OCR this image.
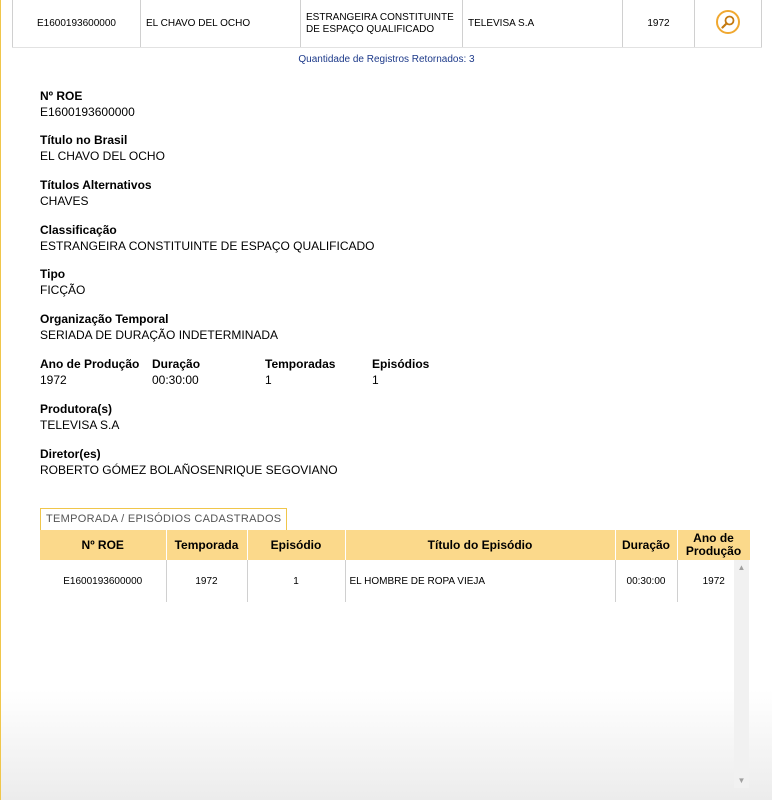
E1600193600000	EL CHAVO DEL OCHO	ESTRANGEIRA CONSTITUINTE
DE ESPAÇO QUALIFICADO	TELEVISA S.A	1972	
Quantidade de Registros Retornados: 3
Nº ROE
E1600193600000
Título no Brasil
EL CHAVO DEL OCHO
Títulos Alternativos
CHAVES
Classificação
ESTRANGEIRA CONSTITUINTE DE ESPAÇO QUALIFICADO
Tipo
FICÇÃO
Organização Temporal
SERIADA DE DURAÇÃO INDETERMINADA
Ano de Produção
1972
Duração
00:30:00
Temporadas
1
Episódios
1
Produtora(s)
TELEVISA S.A
Diretor(es)
ROBERTO GÓMEZ BOLAÑOSENRIQUE SEGOVIANO
TEMPORADA / EPISÓDIOS CADASTRADOS
Nº ROE	Temporada	Episódio	Título do Episódio	Duração	Ano de
Produção
E1600193600000	1972	1	EL HOMBRE DE ROPA VIEJA	00:30:00	1972
▲
▼
